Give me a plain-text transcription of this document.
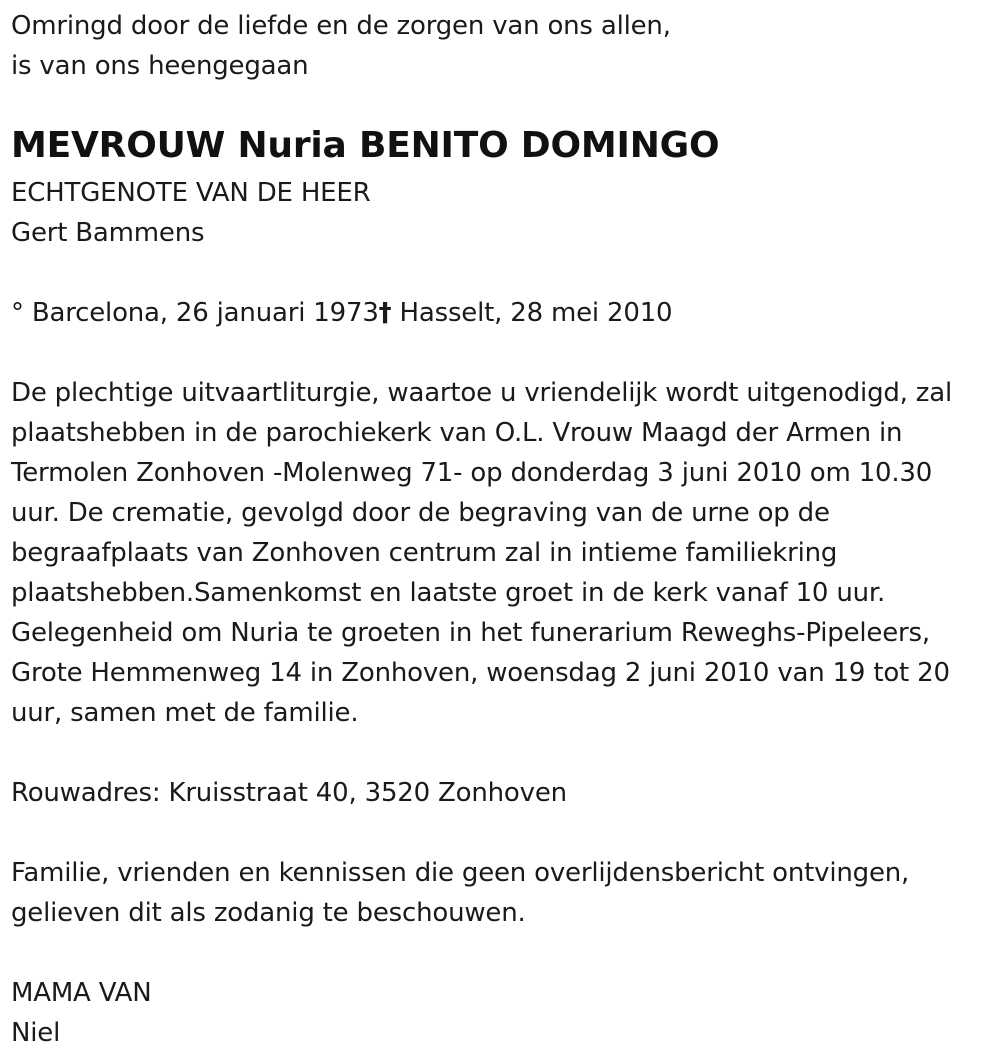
Omringd door de liefde en de zorgen van ons allen,
is van ons heengegaan
MEVROUW Nuria BENITO DOMINGO
ECHTGENOTE VAN DE HEER
Gert Bammens
° Barcelona, 26 januari 1973† Hasselt, 28 mei 2010
De plechtige uitvaartliturgie, waartoe u vriendelijk wordt uitgenodigd, zal
plaatshebben in de parochiekerk van O.L. Vrouw Maagd der Armen in
Termolen Zonhoven -Molenweg 71- op donderdag 3 juni 2010 om 10.30
uur. De crematie, gevolgd door de begraving van de urne op de
begraafplaats van Zonhoven centrum zal in intieme familiekring
plaatshebben.Samenkomst en laatste groet in de kerk vanaf 10 uur.
Gelegenheid om Nuria te groeten in het funerarium Reweghs-Pipeleers,
Grote Hemmenweg 14 in Zonhoven, woensdag 2 juni 2010 van 19 tot 20
uur, samen met de familie.
Rouwadres: Kruisstraat 40, 3520 Zonhoven
Familie, vrienden en kennissen die geen overlijdensbericht ontvingen,
gelieven dit als zodanig te beschouwen.
MAMA VAN
Niel
